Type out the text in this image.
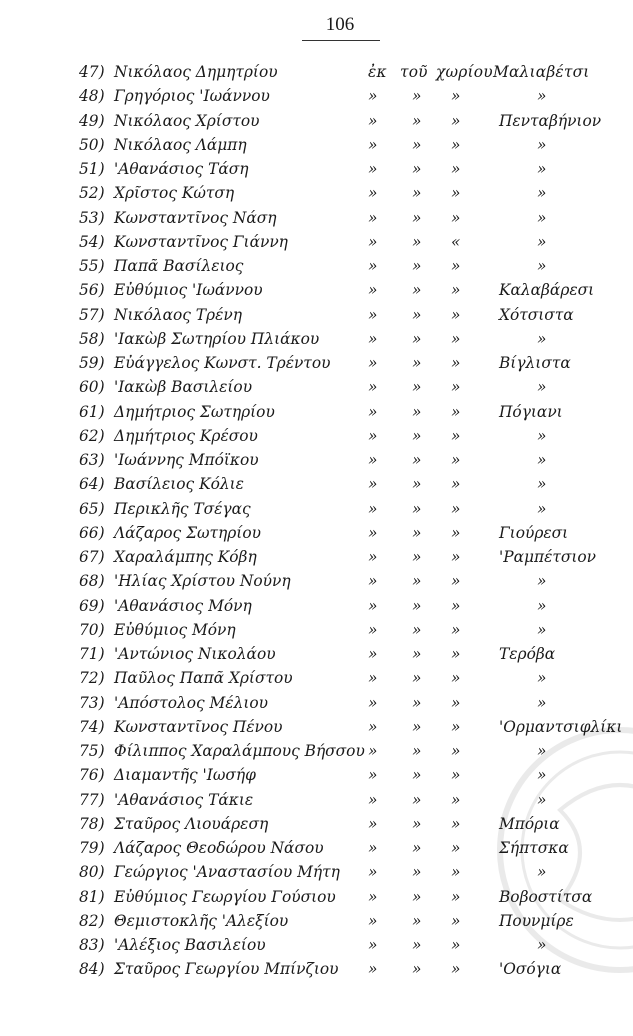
106
47) Νικόλαος Δημητρίου	ἐκ τοῦ χωρίου Μαλιαβέτσι
48) Γρηγόριος 'Ιωάννου	» » »	»
49) Νικόλαος Χρίστου	» » »	Πενταβήνιον
50) Νικόλαος Λάμπη	» » »	»
51) 'Αθανάσιος Τάση	» » »	»
52) Χρῖστος Κώτση	» » »	»
53) Κωνσταντῖνος Νάση	» » »	»
54) Κωνσταντῖνος Γιάννη	» » «	»
55) Παπᾶ Βασίλειος	» » »	»
56) Εὐθύμιος 'Ιωάννου	» » »	Καλαβάρεσι
57) Νικόλαος Τρένη	» » »	Χότσιστα
58) 'Ιακὼβ Σωτηρίου Πλιάκου	» » »	»
59) Εὐάγγελος Κωνστ. Τρέντου » » »	Βίγλιστα
60) 'Ιακὼβ Βασιλείου	» » »	»
61) Δημήτριος Σωτηρίου	» » »	Πόγιανι
62) Δημήτριος Κρέσου	» » »	»
63) 'Ιωάννης Μπόϊκου	» » »	»
64) Βασίλειος Κόλιε	» » »	»
65) Περικλῆς Τσέγας	» » »	»
66) Λάζαρος Σωτηρίου	» » »	Γιούρεσι
67) Χαραλάμπης Κόβη	» » »	'Ραμπέτσιον
68) 'Ηλίας Χρίστου Νούνη	» » »	»
69) 'Αθανάσιος Μόνη	» » »	»
70) Εὐθύμιος Μόνη	» » »	»
71) 'Αντώνιος Νικολάου	» » »	Τερόβα
72) Παῦλος Παπᾶ Χρίστου	» » »	»
73) 'Απόστολος Μέλιου	» » »	»
74) Κωνσταντῖνος Πένου	» » »	'Ορμαντσιφλίκι
75) Φίλιππος Χαραλάμπους Βήσσου » » »	»
76) Διαμαντῆς 'Ιωσήφ	» » »	»
77) 'Αθανάσιος Τάκιε	» » »	»
78) Σταῦρος Λιουάρεση	» » »	Μπόρια
79) Λάζαρος Θεοδώρου Νάσου	» » »	Σήπτσκα
80) Γεώργιος 'Αναστασίου Μήτη » » »	»
81) Εὐθύμιος Γεωργίου Γούσιου » » »	Βοβοστίτσα
82) Θεμιστοκλῆς 'Αλεξίου	» » »	Πουνμίρε
83) 'Αλέξιος Βασιλείου	» » »	»
84) Σταῦρος Γεωργίου Μπίνζιου » » »	'Οσόγια
